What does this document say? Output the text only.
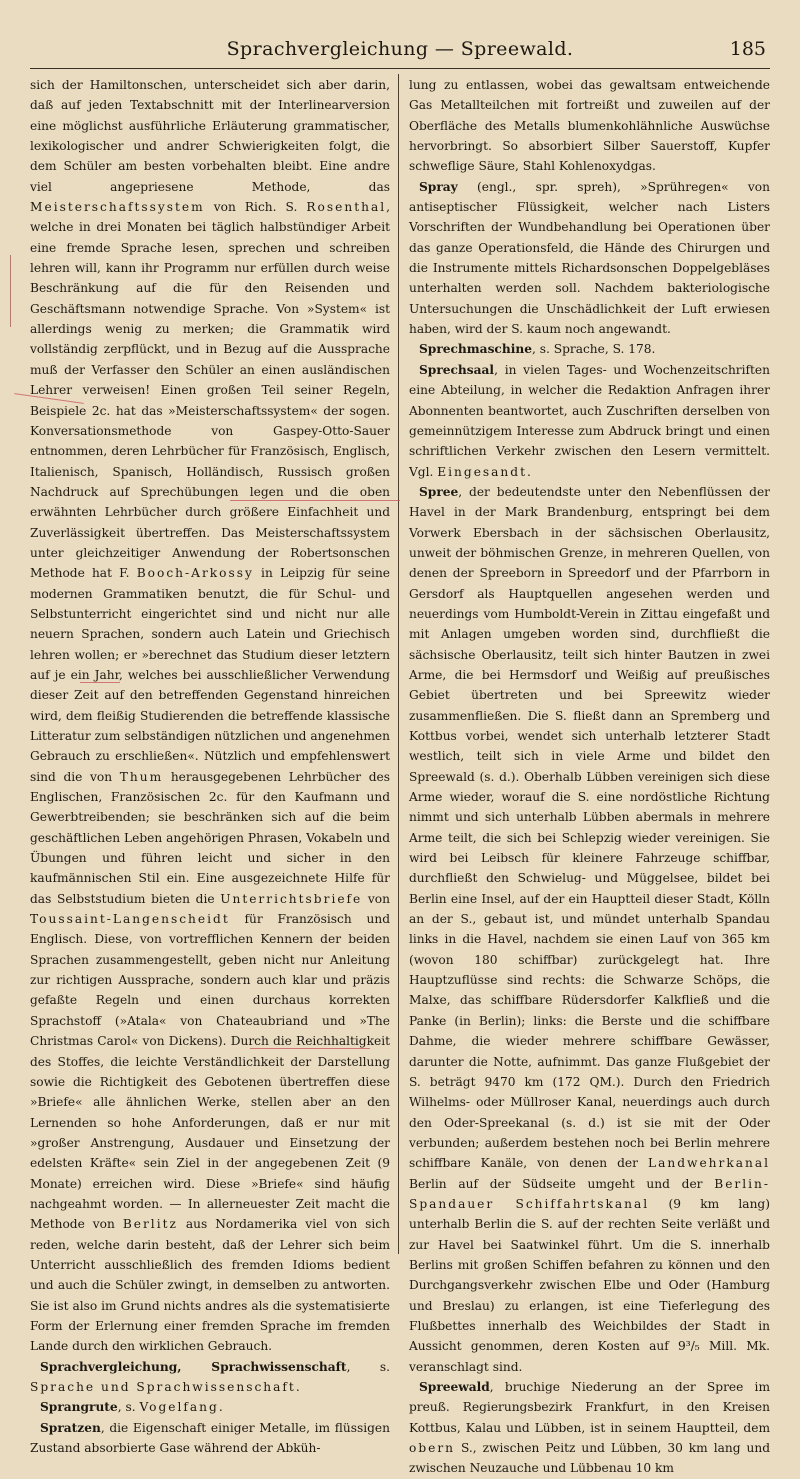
Sprachvergleichung — Spreewald.	185

sich der Hamiltonschen, unterscheidet sich aber darin, daß auf jeden Textabschnitt mit der Interlinearversion eine möglichst ausführliche Erläuterung grammatischer, lexikologischer und andrer Schwierigkeiten folgt, die dem Schüler am besten vorbehalten bleibt. Eine andre viel angepriesene Methode, das Meisterschaftssystem von Rich. S. Rosenthal, welche in drei Monaten bei täglich halbstündiger Arbeit eine fremde Sprache lesen, sprechen und schreiben lehren will, kann ihr Programm nur erfüllen durch weise Beschränkung auf die für den Reisenden und Geschäftsmann notwendige Sprache. Von »System« ist allerdings wenig zu merken; die Grammatik wird vollständig zerpflückt, und in Bezug auf die Aussprache muß der Verfasser den Schüler an einen ausländischen Lehrer verweisen! Einen großen Teil seiner Regeln, Beispiele 2c. hat das »Meisterschaftssystem« der sogen. Konversationsmethode von Gaspey-Otto-Sauer entnommen, deren Lehrbücher für Französisch, Englisch, Italienisch, Spanisch, Holländisch, Russisch großen Nachdruck auf Sprechübungen legen und die oben erwähnten Lehrbücher durch größere Einfachheit und Zuverlässigkeit übertreffen. Das Meisterschaftssystem unter gleichzeitiger Anwendung der Robertsonschen Methode hat F. Booch-Arkossy in Leipzig für seine modernen Grammatiken benutzt, die für Schul- und Selbstunterricht eingerichtet sind und nicht nur alle neuern Sprachen, sondern auch Latein und Griechisch lehren wollen; er »berechnet das Studium dieser letztern auf je ein Jahr, welches bei ausschließlicher Verwendung dieser Zeit auf den betreffenden Gegenstand hinreichen wird, dem fleißig Studierenden die betreffende klassische Litteratur zum selbständigen nützlichen und angenehmen Gebrauch zu erschließen«. Nützlich und empfehlenswert sind die von Thum herausgegebenen Lehrbücher des Englischen, Französischen 2c. für den Kaufmann und Gewerbtreibenden; sie beschränken sich auf die beim geschäftlichen Leben angehörigen Phrasen, Vokabeln und Übungen und führen leicht und sicher in den kaufmännischen Stil ein. Eine ausgezeichnete Hilfe für das Selbststudium bieten die Unterrichtsbriefe von Toussaint-Langenscheidt für Französisch und Englisch. Diese, von vortrefflichen Kennern der beiden Sprachen zusammengestellt, geben nicht nur Anleitung zur richtigen Aussprache, sondern auch klar und präzis gefaßte Regeln und einen durchaus korrekten Sprachstoff (»Atala« von Chateaubriand und »The Christmas Carol« von Dickens). Durch die Reichhaltigkeit des Stoffes, die leichte Verständlichkeit der Darstellung sowie die Richtigkeit des Gebotenen übertreffen diese »Briefe« alle ähnlichen Werke, stellen aber an den Lernenden so hohe Anforderungen, daß er nur mit »großer Anstrengung, Ausdauer und Einsetzung der edelsten Kräfte« sein Ziel in der angegebenen Zeit (9 Monate) erreichen wird. Diese »Briefe« sind häufig nachgeahmt worden. — In allerneuester Zeit macht die Methode von Berlitz aus Nordamerika viel von sich reden, welche darin besteht, daß der Lehrer sich beim Unterricht ausschließlich des fremden Idioms bedient und auch die Schüler zwingt, in demselben zu antworten. Sie ist also im Grund nichts andres als die systematisierte Form der Erlernung einer fremden Sprache im fremden Lande durch den wirklichen Gebrauch.

Sprachvergleichung, Sprachwissenschaft, s. Sprache und Sprachwissenschaft.

Sprangrute, s. Vogelfang.

Spratzen, die Eigenschaft einiger Metalle, im flüssigen Zustand absorbierte Gase während der Abküh-

lung zu entlassen, wobei das gewaltsam entweichende Gas Metallteilchen mit fortreißt und zuweilen auf der Oberfläche des Metalls blumenkohlähnliche Auswüchse hervorbringt. So absorbiert Silber Sauerstoff, Kupfer schweflige Säure, Stahl Kohlenoxydgas.

Spray (engl., spr. spreh), »Sprühregen« von antiseptischer Flüssigkeit, welcher nach Listers Vorschriften der Wundbehandlung bei Operationen über das ganze Operationsfeld, die Hände des Chirurgen und die Instrumente mittels Richardsonschen Doppelgebläses unterhalten werden soll. Nachdem bakteriologische Untersuchungen die Unschädlichkeit der Luft erwiesen haben, wird der S. kaum noch angewandt.

Sprechmaschine, s. Sprache, S. 178.

Sprechsaal, in vielen Tages- und Wochenzeitschriften eine Abteilung, in welcher die Redaktion Anfragen ihrer Abonnenten beantwortet, auch Zuschriften derselben von gemeinnützigem Interesse zum Abdruck bringt und einen schriftlichen Verkehr zwischen den Lesern vermittelt. Vgl. Eingesandt.

Spree, der bedeutendste unter den Nebenflüssen der Havel in der Mark Brandenburg, entspringt bei dem Vorwerk Ebersbach in der sächsischen Oberlausitz, unweit der böhmischen Grenze, in mehreren Quellen, von denen der Spreeborn in Spreedorf und der Pfarrborn in Gersdorf als Hauptquellen angesehen werden und neuerdings vom Humboldt-Verein in Zittau eingefaßt und mit Anlagen umgeben worden sind, durchfließt die sächsische Oberlausitz, teilt sich hinter Bautzen in zwei Arme, die bei Hermsdorf und Weißig auf preußisches Gebiet übertreten und bei Spreewitz wieder zusammenfließen. Die S. fließt dann an Spremberg und Kottbus vorbei, wendet sich unterhalb letzterer Stadt westlich, teilt sich in viele Arme und bildet den Spreewald (s. d.). Oberhalb Lübben vereinigen sich diese Arme wieder, worauf die S. eine nordöstliche Richtung nimmt und sich unterhalb Lübben abermals in mehrere Arme teilt, die sich bei Schlepzig wieder vereinigen. Sie wird bei Leibsch für kleinere Fahrzeuge schiffbar, durchfließt den Schwielug- und Müggelsee, bildet bei Berlin eine Insel, auf der ein Hauptteil dieser Stadt, Kölln an der S., gebaut ist, und mündet unterhalb Spandau links in die Havel, nachdem sie einen Lauf von 365 km (wovon 180 schiffbar) zurückgelegt hat. Ihre Hauptzuflüsse sind rechts: die Schwarze Schöps, die Malxe, das schiffbare Rüdersdorfer Kalkfließ und die Panke (in Berlin); links: die Berste und die schiffbare Dahme, die wieder mehrere schiffbare Gewässer, darunter die Notte, aufnimmt. Das ganze Flußgebiet der S. beträgt 9470 km (172 QM.). Durch den Friedrich Wilhelms- oder Müllroser Kanal, neuerdings auch durch den Oder-Spreekanal (s. d.) ist sie mit der Oder verbunden; außerdem bestehen noch bei Berlin mehrere schiffbare Kanäle, von denen der Landwehrkanal Berlin auf der Südseite umgeht und der Berlin-Spandauer Schiffahrtskanal (9 km lang) unterhalb Berlin die S. auf der rechten Seite verläßt und zur Havel bei Saatwinkel führt. Um die S. innerhalb Berlins mit großen Schiffen befahren zu können und den Durchgangsverkehr zwischen Elbe und Oder (Hamburg und Breslau) zu erlangen, ist eine Tieferlegung des Flußbettes innerhalb des Weichbildes der Stadt in Aussicht genommen, deren Kosten auf 9³/₅ Mill. Mk. veranschlagt sind.

Spreewald, bruchige Niederung an der Spree im preuß. Regierungsbezirk Frankfurt, in den Kreisen Kottbus, Kalau und Lübben, ist in seinem Hauptteil, dem obern S., zwischen Peitz und Lübben, 30 km lang und zwischen Neuzauche und Lübbenau 10 km
